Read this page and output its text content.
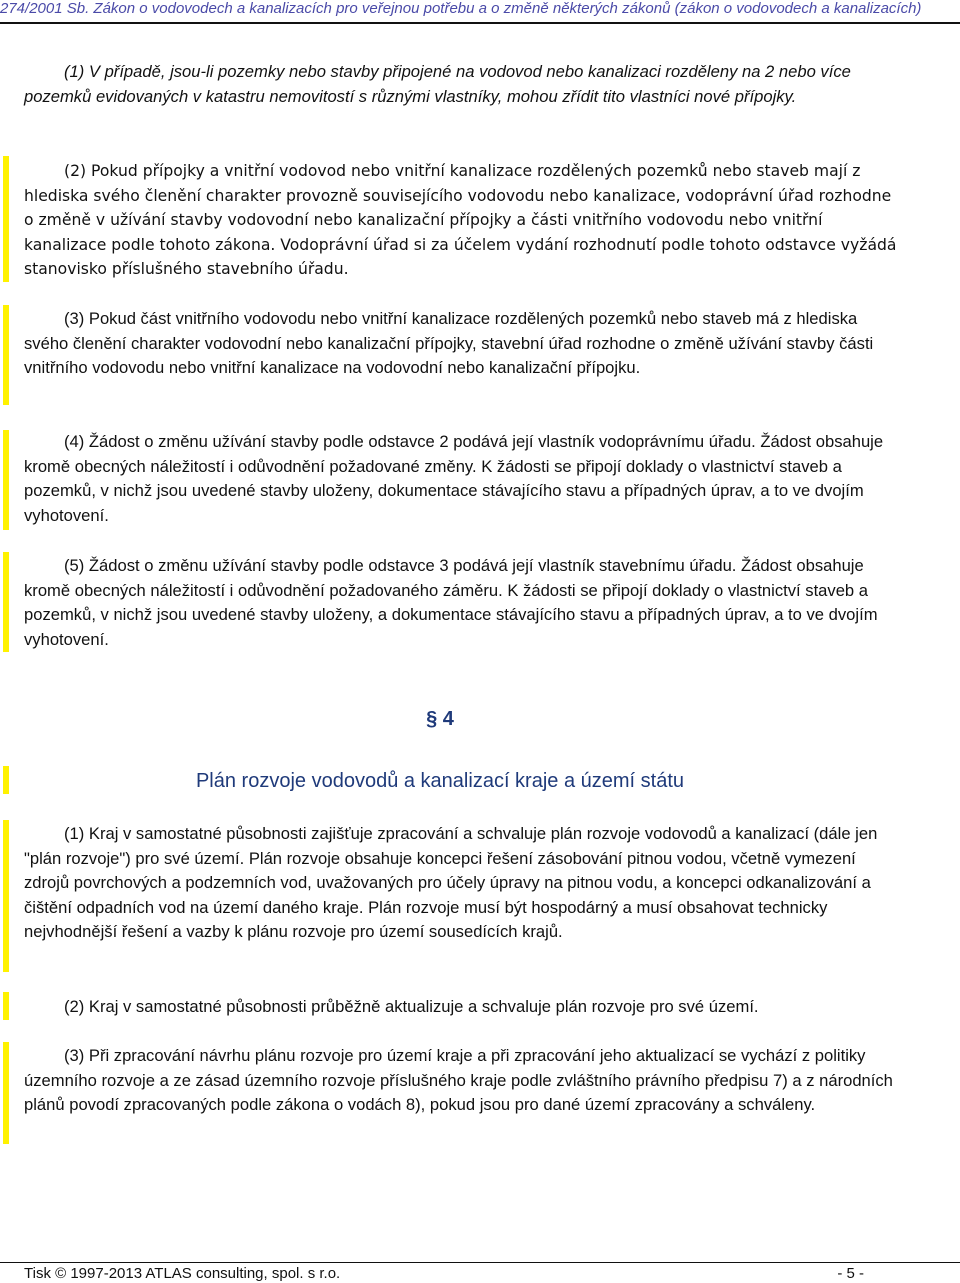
274/2001 Sb. Zákon o vodovodech a kanalizacích pro veřejnou potřebu a o změně některých zákonů (zákon o vodovodech a kanalizacích)
(1) V případě, jsou-li pozemky nebo stavby připojené na vodovod nebo kanalizaci rozděleny na 2 nebo více pozemků evidovaných v katastru nemovitostí s různými vlastníky, mohou zřídit tito vlastníci nové přípojky.
(2) Pokud přípojky a vnitřní vodovod nebo vnitřní kanalizace rozdělených pozemků nebo staveb mají z hlediska svého členění charakter provozně souvisejícího vodovodu nebo kanalizace, vodoprávní úřad rozhodne o změně v užívání stavby vodovodní nebo kanalizační přípojky a části vnitřního vodovodu nebo vnitřní kanalizace podle tohoto zákona. Vodoprávní úřad si za účelem vydání rozhodnutí podle tohoto odstavce vyžádá stanovisko příslušného stavebního úřadu.
(3) Pokud část vnitřního vodovodu nebo vnitřní kanalizace rozdělených pozemků nebo staveb má z hlediska svého členění charakter vodovodní nebo kanalizační přípojky, stavební úřad rozhodne o změně užívání stavby části vnitřního vodovodu nebo vnitřní kanalizace na vodovodní nebo kanalizační přípojku.
(4) Žádost o změnu užívání stavby podle odstavce 2 podává její vlastník vodoprávnímu úřadu. Žádost obsahuje kromě obecných náležitostí i odůvodnění požadované změny. K žádosti se připojí doklady o vlastnictví staveb a pozemků, v nichž jsou uvedené stavby uloženy, dokumentace stávajícího stavu a případných úprav, a to ve dvojím vyhotovení.
(5) Žádost o změnu užívání stavby podle odstavce 3 podává její vlastník stavebnímu úřadu. Žádost obsahuje kromě obecných náležitostí i odůvodnění požadovaného záměru. K žádosti se připojí doklady o vlastnictví staveb a pozemků, v nichž jsou uvedené stavby uloženy, a dokumentace stávajícího stavu a případných úprav, a to ve dvojím vyhotovení.
§ 4
Plán rozvoje vodovodů a kanalizací kraje a území státu
(1) Kraj v samostatné působnosti zajišťuje zpracování a schvaluje plán rozvoje vodovodů a kanalizací (dále jen "plán rozvoje") pro své území. Plán rozvoje obsahuje koncepci řešení zásobování pitnou vodou, včetně vymezení zdrojů povrchových a podzemních vod, uvažovaných pro účely úpravy na pitnou vodu, a koncepci odkanalizování a čištění odpadních vod na území daného kraje. Plán rozvoje musí být hospodárný a musí obsahovat technicky nejvhodnější řešení a vazby k plánu rozvoje pro území sousedících krajů.
(2) Kraj v samostatné působnosti průběžně aktualizuje a schvaluje plán rozvoje pro své území.
(3) Při zpracování návrhu plánu rozvoje pro území kraje a při zpracování jeho aktualizací se vychází z politiky územního rozvoje a ze zásad územního rozvoje příslušného kraje podle zvláštního právního předpisu 7) a z národních plánů povodí zpracovaných podle zákona o vodách 8), pokud jsou pro dané území zpracovány a schváleny.
Tisk © 1997-2013 ATLAS consulting, spol. s r.o.	- 5 -
